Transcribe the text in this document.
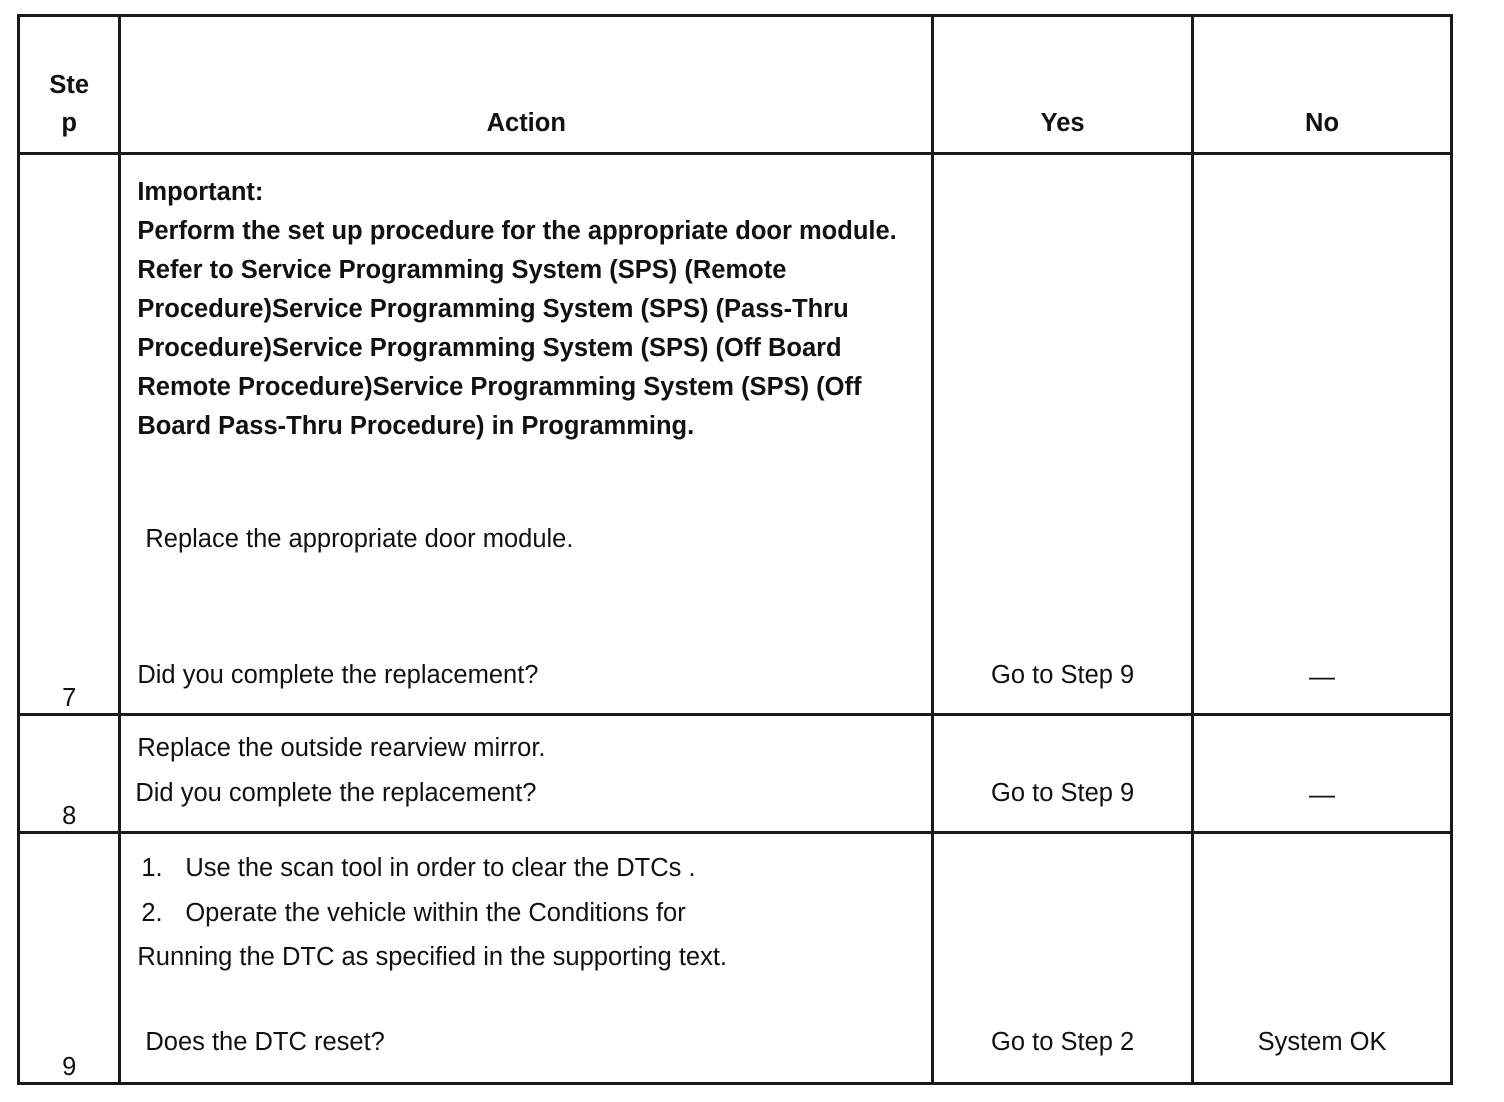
Step	Action	Yes	No
7	Important:
Perform the set up procedure for the appropriate door module. Refer to Service Programming System (SPS) (Remote Procedure)Service Programming System (SPS) (Pass-Thru Procedure)Service Programming System (SPS) (Off Board Remote Procedure)Service Programming System (SPS) (Off Board Pass-Thru Procedure) in Programming.
Replace the appropriate door module.
Did you complete the replacement?	Go to Step 9	—

8	Replace the outside rearview mirror.
Did you complete the replacement?	Go to Step 9	—

9	1. Use the scan tool in order to clear the DTCs .
2. Operate the vehicle within the Conditions for
Running the DTC as specified in the supporting text.
Does the DTC reset?	Go to Step 2	System OK
